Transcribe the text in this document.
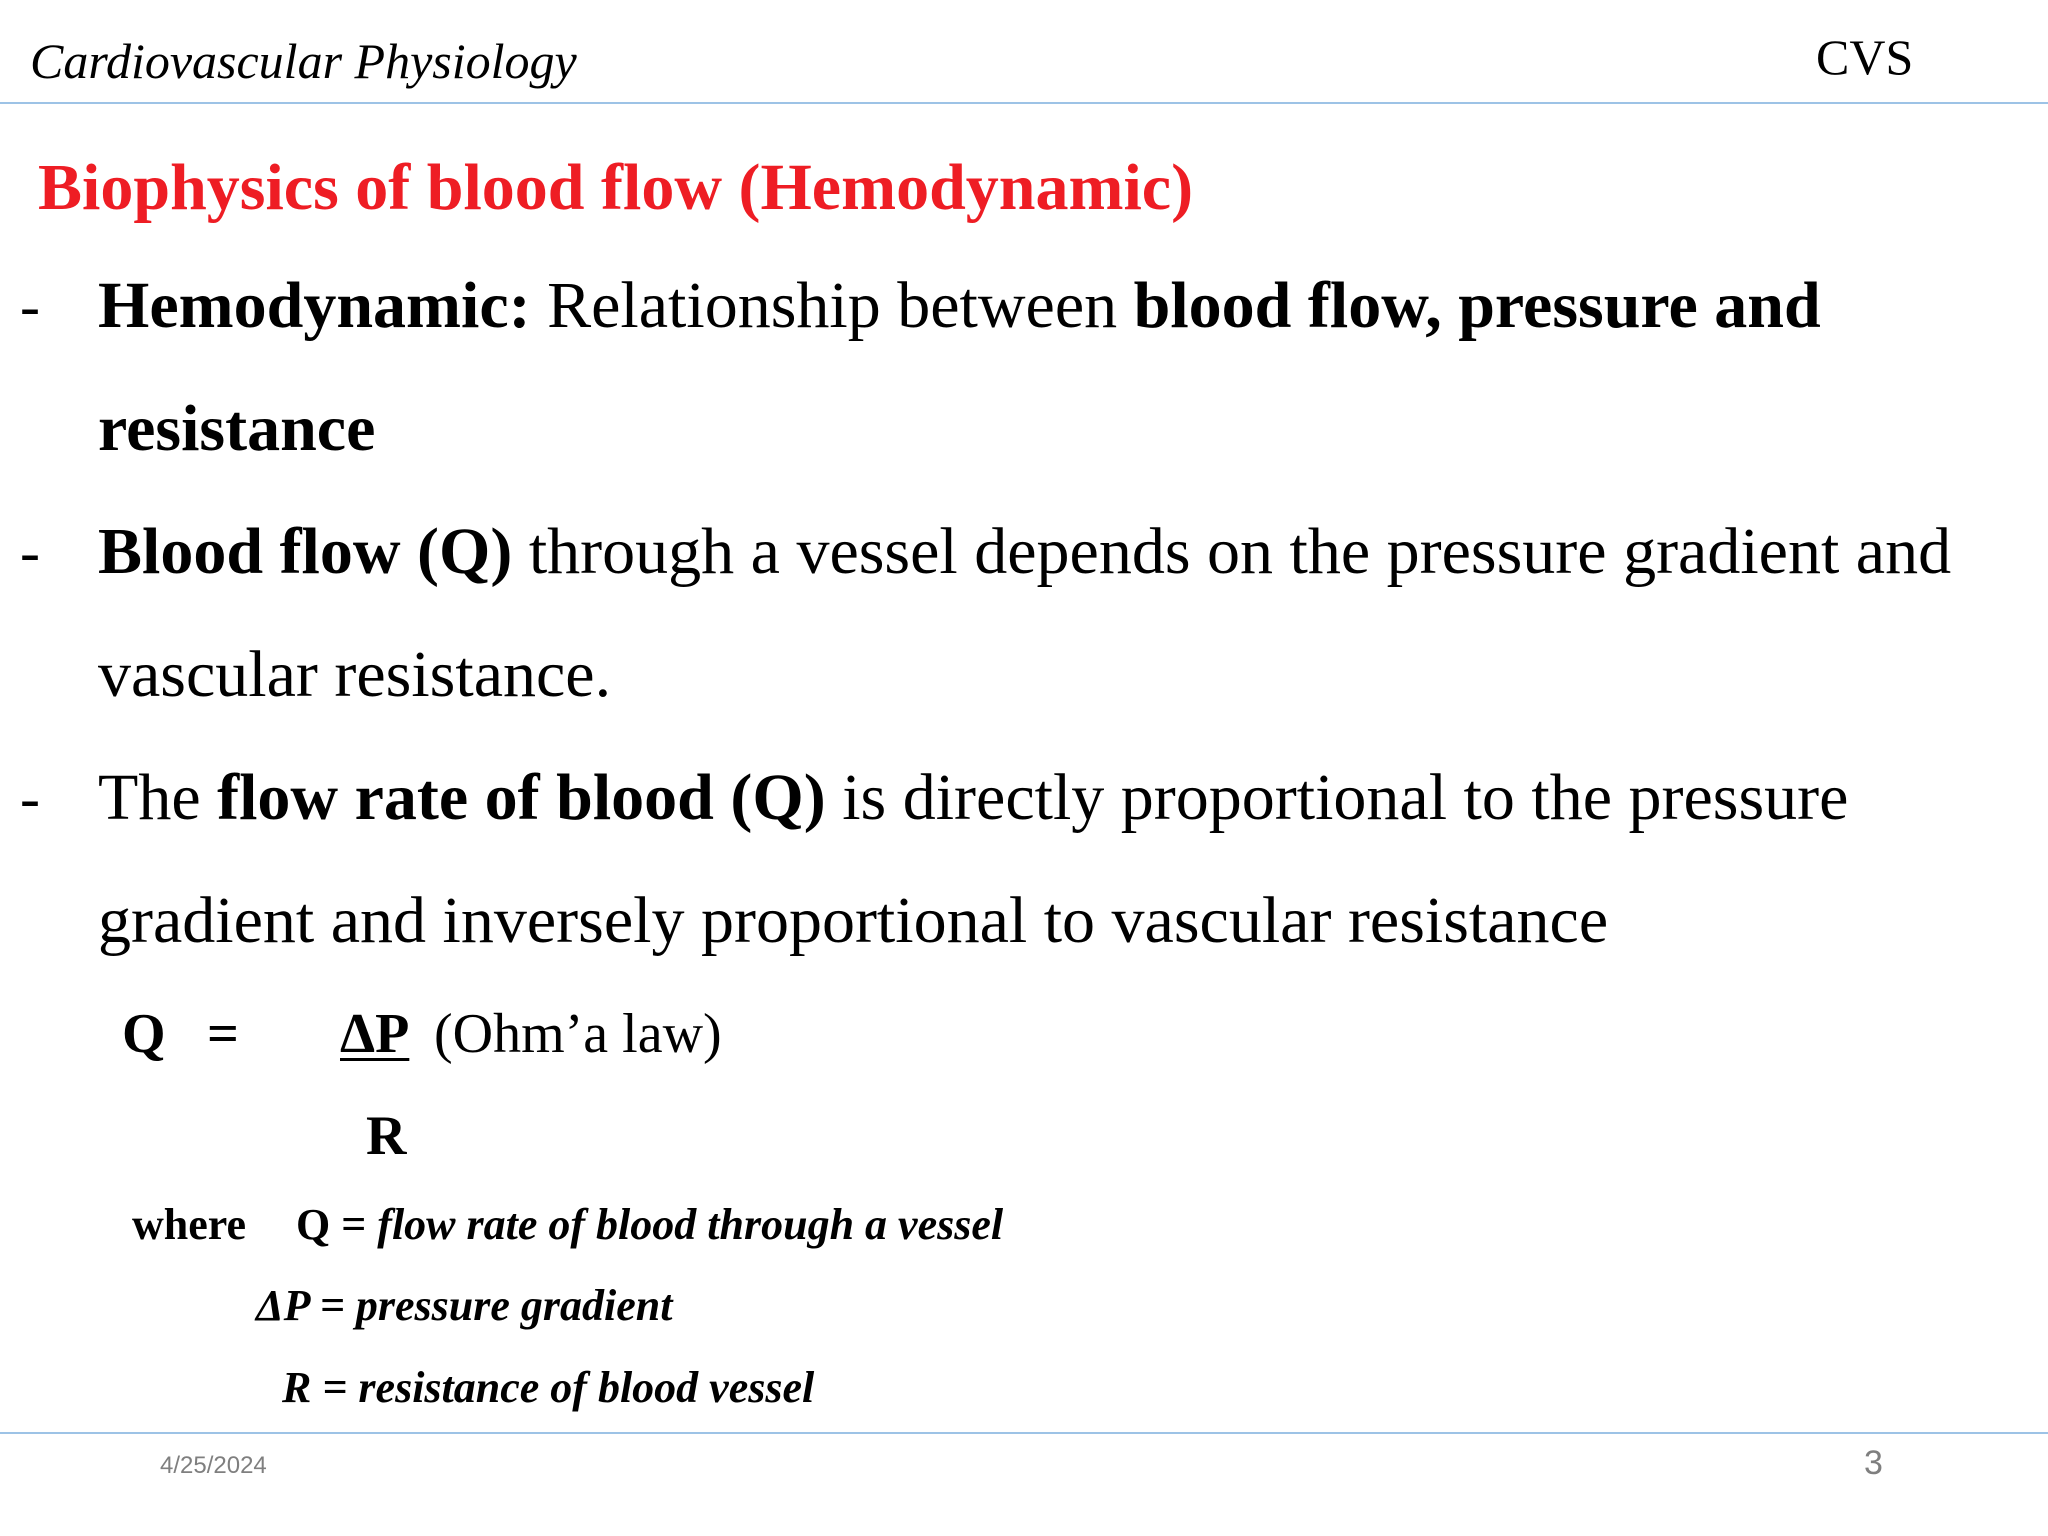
Cardiovascular Physiology	CVS
Biophysics of blood flow (Hemodynamic)
- Hemodynamic: Relationship between blood flow, pressure and
resistance
- Blood flow (Q) through a vessel depends on the pressure gradient and
vascular resistance.
- The flow rate of blood (Q) is directly proportional to the pressure
gradient and inversely proportional to vascular resistance
Q = ΔP (Ohm’a law)
R
where Q = flow rate of blood through a vessel
ΔP = pressure gradient
R = resistance of blood vessel
4/25/2024	3
